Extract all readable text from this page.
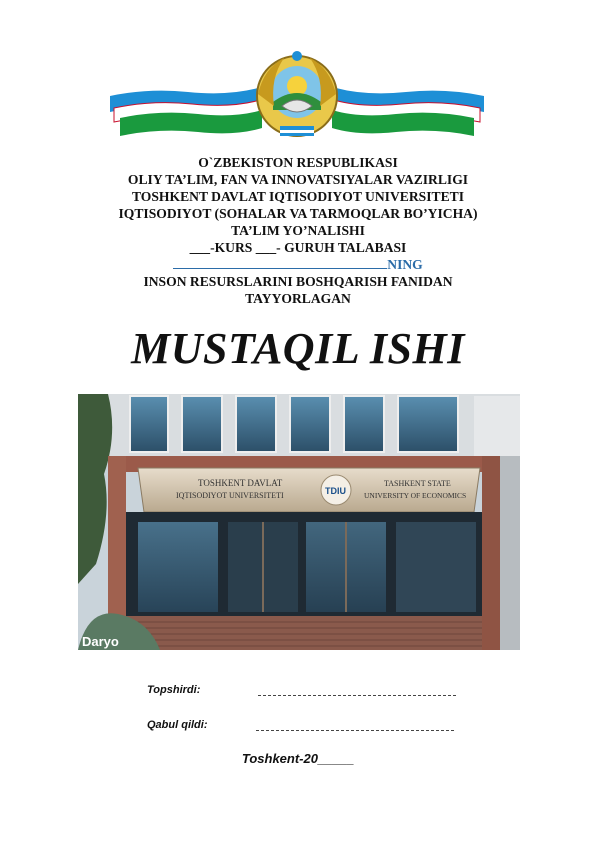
O`ZBEKISTON RESPUBLIKASI
OLIY TA’LIM, FAN VA INNOVATSIYALAR VAZIRLIGI
TOSHKENT DAVLAT IQTISODIYOT UNIVERSITETI
IQTISODIYOT (SOHALAR VA TARMOQLAR BO’YICHA)
TA’LIM YO’NALISHI
___-KURS ___- GURUH TALABASI
NING
INSON RESURSLARINI BOSHQARISH FANIDAN
TAYYORLAGAN
MUSTAQIL ISHI
TOSHKENT DAVLAT
IQTISODIYOT UNIVERSITETI	TDIU
TASHKENT STATE
UNIVERSITY OF ECONOMICS
Daryo
Topshirdi:
Qabul qildi:
Toshkent-20_____
